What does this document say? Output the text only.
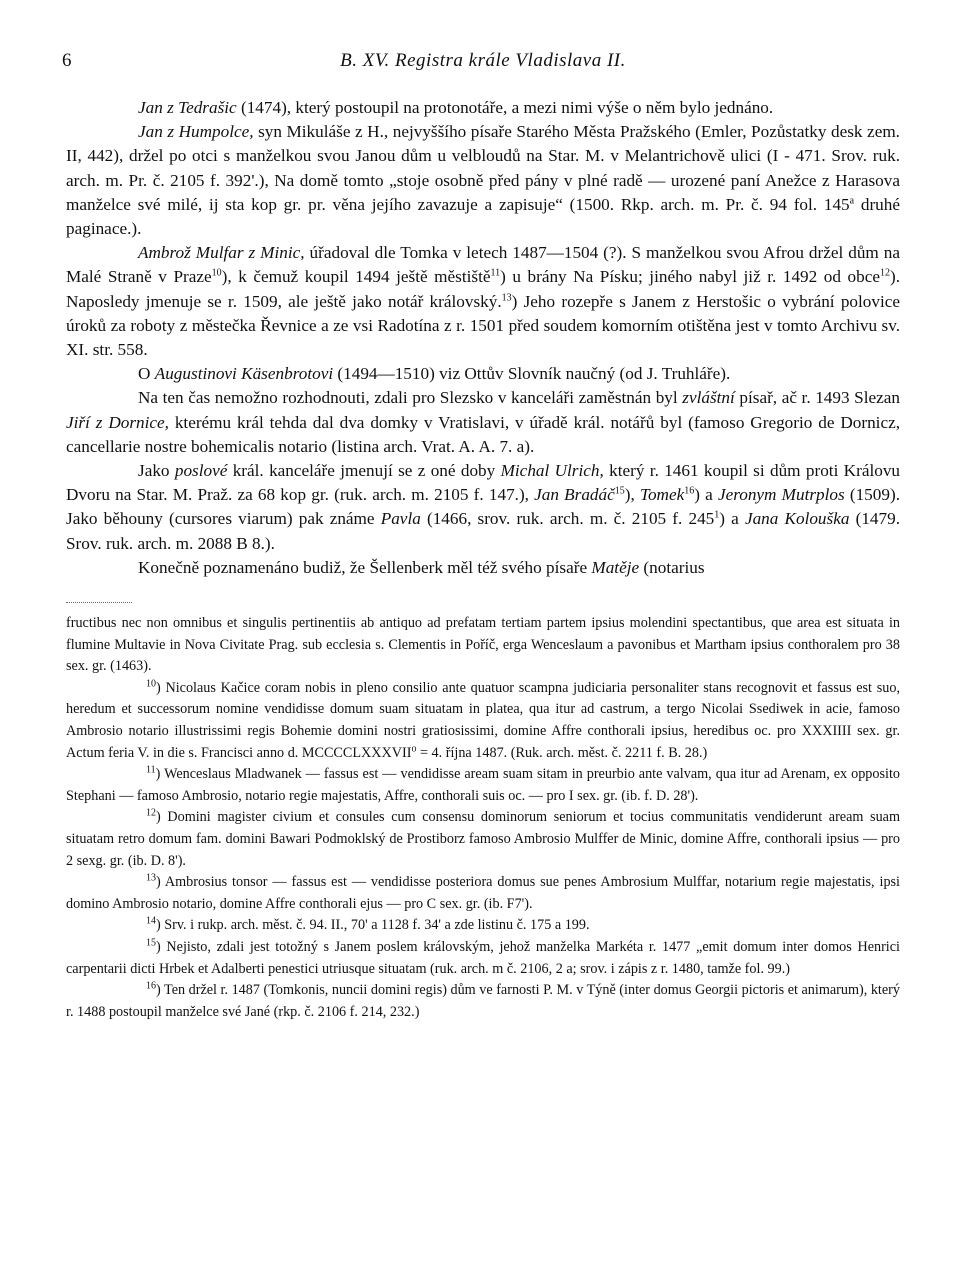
6	B. XV. Registra krále Vladislava II.

Jan z Tedrašic (1474), který postoupil na protonotáře, a mezi nimi výše o něm bylo jednáno.

Jan z Humpolce, syn Mikuláše z H., nejvyššího písaře Starého Města Pražského (Emler, Pozůstatky desk zem. II, 442), držel po otci s manželkou svou Janou dům u velbloudů na Star. M. v Melantrichově ulici (I - 471. Srov. ruk. arch. m. Pr. č. 2105 f. 392'.), Na domě tomto „stoje osobně před pány v plné radě — urozené paní Anežce z Harasova manželce své milé, ij sta kop gr. pr. věna jejího zavazuje a zapisuje“ (1500. Rkp. arch. m. Pr. č. 94 fol. 145$^a$ druhé paginace.).

Ambrož Mulfar z Minic, úřadoval dle Tomka v letech 1487—1504 (?). S manželkou svou Afrou držel dům na Malé Straně v Praze$^{10}$), k čemuž koupil 1494 ještě městiště$^{11}$) u brány Na Písku; jiného nabyl již r. 1492 od obce$^{12}$). Naposledy jmenuje se r. 1509, ale ještě jako notář královský.$^{13}$) Jeho rozepře s Janem z Herstošic o vybrání polovice úroků za roboty z městečka Řevnice a ze vsi Radotína z r. 1501 před soudem komorním otištěna jest v tomto Archivu sv. XI. str. 558.

O Augustinovi Käsenbrotovi (1494—1510) viz Ottův Slovník naučný (od J. Truhláře).

Na ten čas nemožno rozhodnouti, zdali pro Slezsko v kanceláři zaměstnán byl zvláštní písař, ač r. 1493 Slezan Jiří z Dornice, kterému král tehda dal dva domky v Vratislavi, v úřadě král. notářů byl (famoso Gregorio de Dornicz, cancellarie nostre bohemicalis notario (listina arch. Vrat. A. A. 7. a).

Jako poslové král. kanceláře jmenují se z oné doby Michal Ulrich, který r. 1461 koupil si dům proti Královu Dvoru na Star. M. Praž. za 68 kop gr. (ruk. arch. m. 2105 f. 147.), Jan Bradáč$^{15}$), Tomek$^{16}$) a Jeronym Mutrplos (1509). Jako běhouny (cursores viarum) pak známe Pavla (1466, srov. ruk. arch. m. č. 2105 f. $245^1$) a Jana Kolouška (1479. Srov. ruk. arch. m. 2088 B 8.).

Konečně poznamenáno budiž, že Šellenberk měl též svého písaře Matěje (notarius

fructibus nec non omnibus et singulis pertinentiis ab antiquo ad prefatam tertiam partem ipsius molendini spectantibus, que area est situata in flumine Multavie in Nova Civitate Prag. sub ecclesia s. Clementis in Poříč, erga Wenceslaum a pavonibus et Martham ipsius conthoralem pro 38 sex. gr. (1463).

$^{10}$) Nicolaus Kačice coram nobis in pleno consilio ante quatuor scampna judiciaria personaliter stans recognovit et fassus est suo, heredum et successorum nomine vendidisse domum suam situatam in platea, qua itur ad castrum, a tergo Nicolai Ssediwek in acie, famoso Ambrosio notario illustrissimi regis Bohemie domini nostri gratiosissimi, domine Affre conthorali ipsius, heredibus oc. pro XXXIIII sex. gr. Actum feria V. in die s. Francisci anno d. $MCCCCLXXXVII^o = 4$. října 1487. (Ruk. arch. měst. č. 2211 f. B. 28.)

$^{11}$) Wenceslaus Mladwanek — fassus est — vendidisse aream suam sitam in preurbio ante valvam, qua itur ad Arenam, ex opposito Stephani — famoso Ambrosio, notario regie majestatis, Affre, conthorali suis oc. — pro I sex. gr. (ib. f. D. 28').

$^{12}$) Domini magister civium et consules cum consensu dominorum seniorum et tocius communitatis vendiderunt aream suam situatam retro domum fam. domini Bawari Podmoklský de Prostiborz famoso Ambrosio Mulffer de Minic, domine Affre, conthorali ipsius — pro 2 sexg. gr. (ib. D. 8').

$^{13}$) Ambrosius tonsor — fassus est — vendidisse posteriora domus sue penes Ambrosium Mulffar, notarium regie majestatis, ipsi domino Ambrosio notario, domine Affre conthorali ejus — pro C sex. gr. (ib. F7').

$^{14}$) Srv. i rukp. arch. měst. č. 94. II., 70' a 1128 f. 34' a zde listinu č. 175 a 199.

$^{15}$) Nejisto, zdali jest totožný s Janem poslem královským, jehož manželka Markéta r. 1477 „emit domum inter domos Henrici carpentarii dicti Hrbek et Adalberti penestici utriusque situatam (ruk. arch. m č. 2106, 2 a; srov. i zápis z r. 1480, tamže fol. 99.)

$^{16}$) Ten držel r. 1487 (Tomkonis, nuncii domini regis) dům ve farnosti P. M. v Týně (inter domus Georgii pictoris et animarum), který r. 1488 postoupil manželce své Jané (rkp. č. 2106 f. 214, 232.)
